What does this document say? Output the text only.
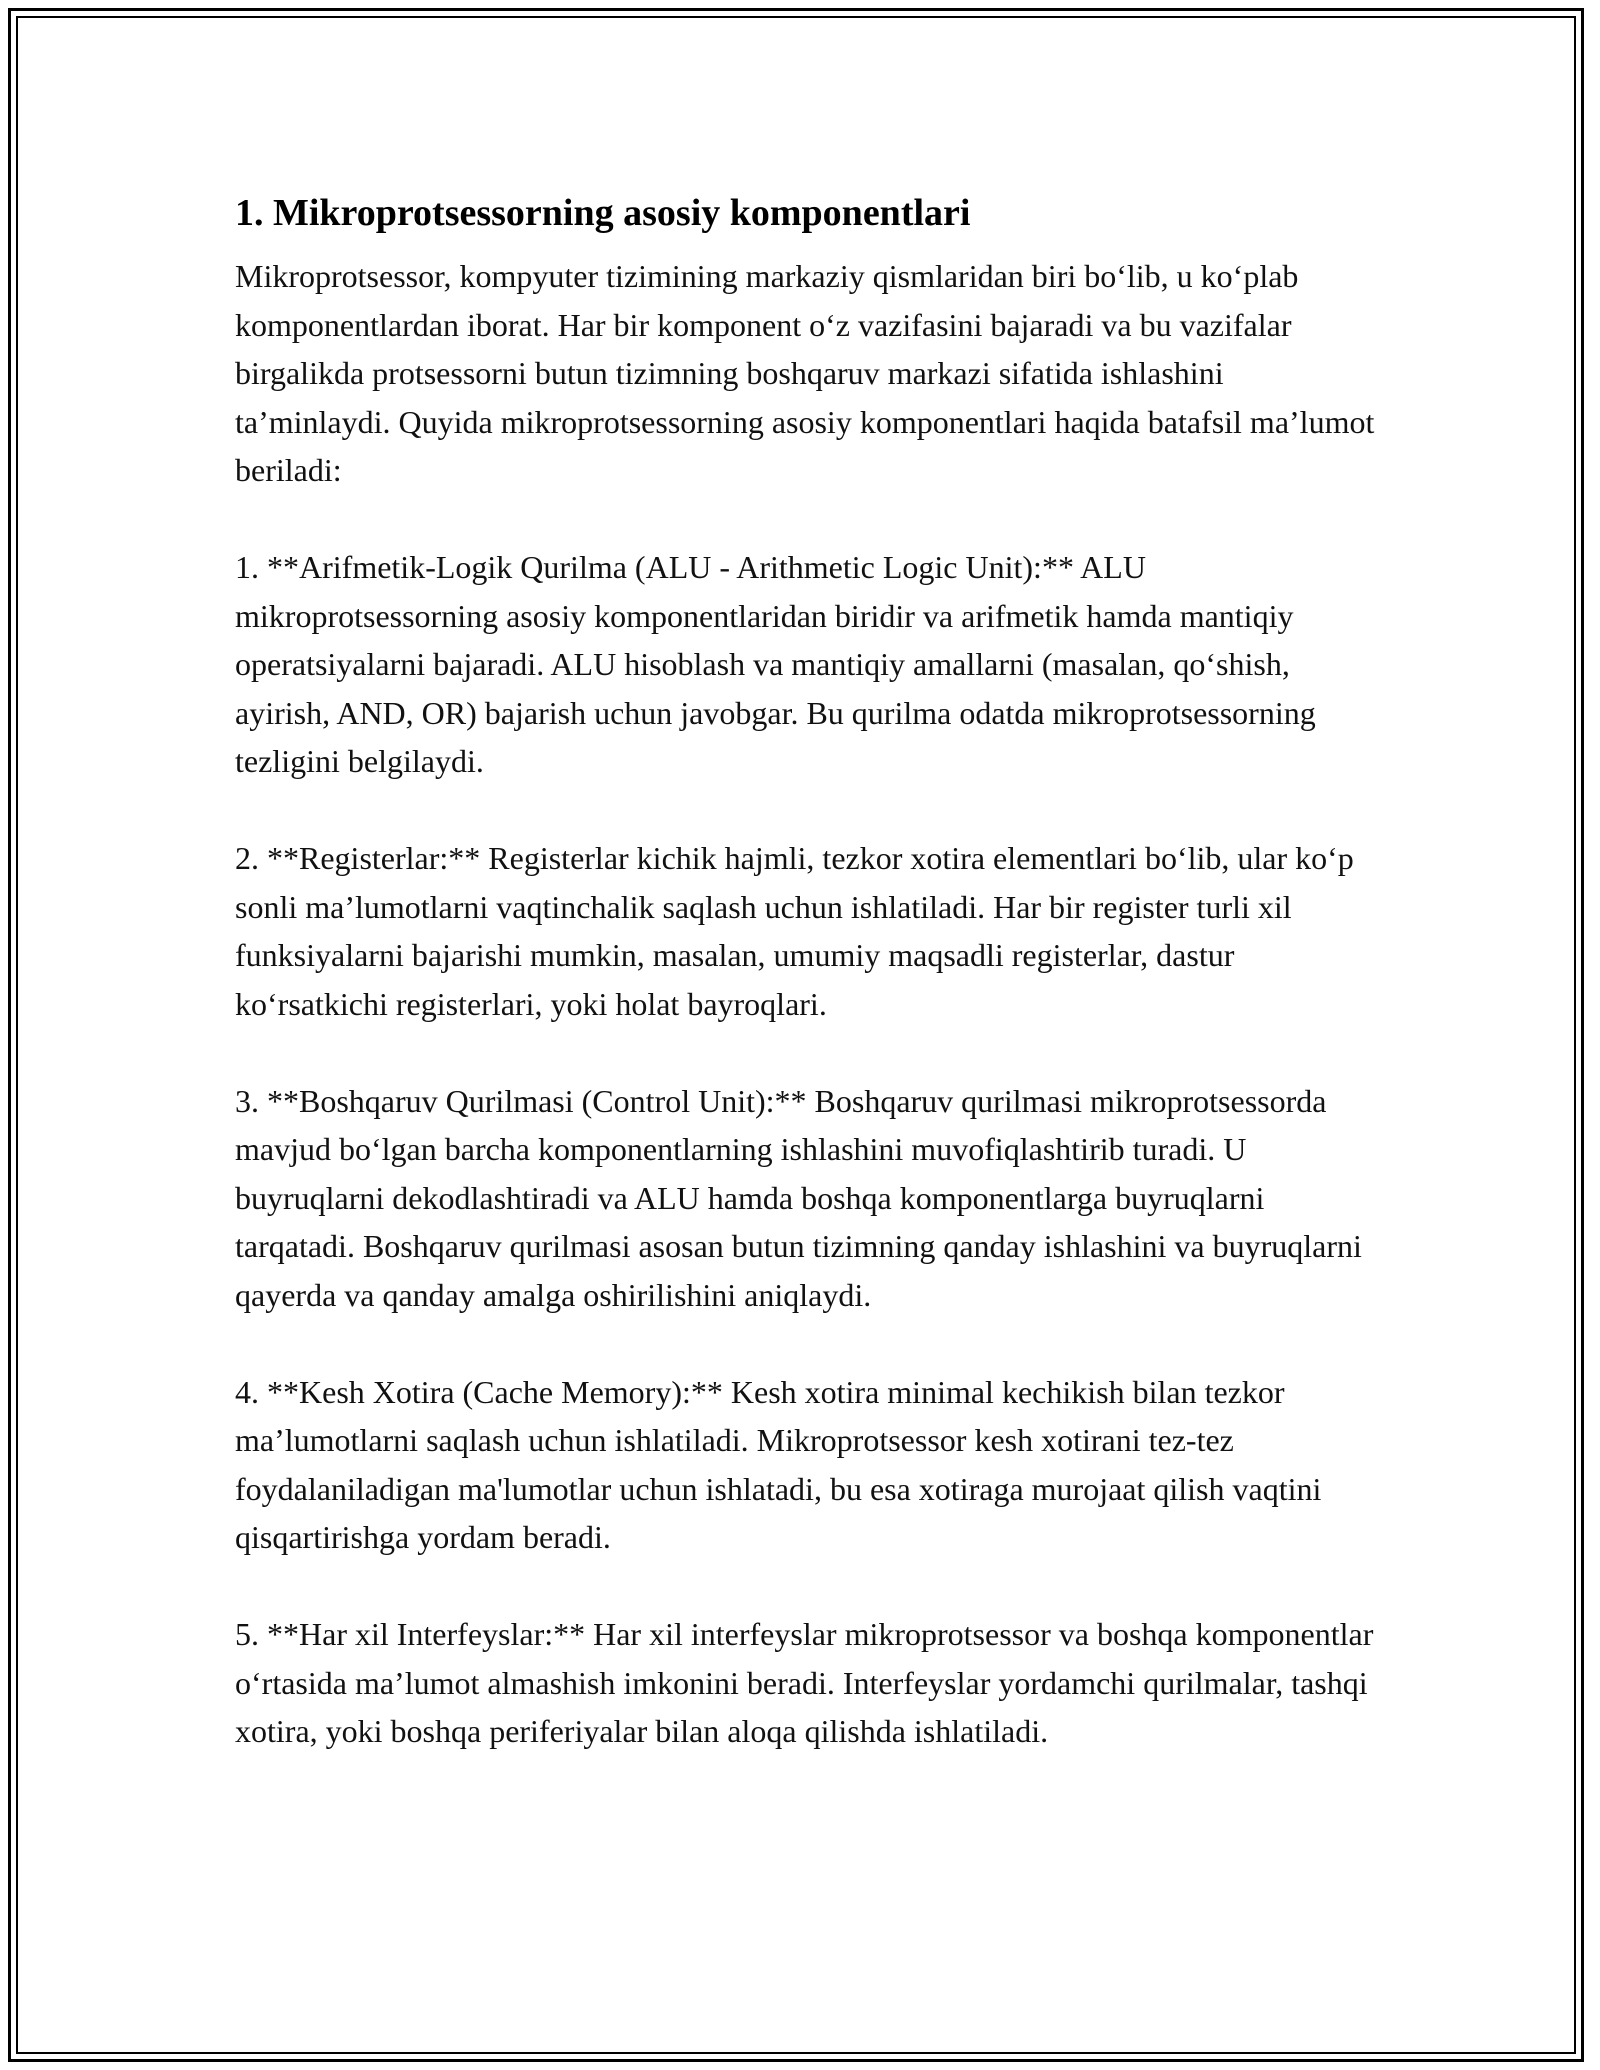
1. Mikroprotsessorning asosiy komponentlari

Mikroprotsessor, kompyuter tizimining markaziy qismlaridan biri bo‘lib, u ko‘plab komponentlardan iborat. Har bir komponent o‘z vazifasini bajaradi va bu vazifalar birgalikda protsessorni butun tizimning boshqaruv markazi sifatida ishlashini ta’minlaydi. Quyida mikroprotsessorning asosiy komponentlari haqida batafsil ma’lumot beriladi:

1. **Arifmetik-Logik Qurilma (ALU - Arithmetic Logic Unit):** ALU mikroprotsessorning asosiy komponentlaridan biridir va arifmetik hamda mantiqiy operatsiyalarni bajaradi. ALU hisoblash va mantiqiy amallarni (masalan, qo‘shish, ayirish, AND, OR) bajarish uchun javobgar. Bu qurilma odatda mikroprotsessorning tezligini belgilaydi.

2. **Registerlar:** Registerlar kichik hajmli, tezkor xotira elementlari bo‘lib, ular ko‘p sonli ma’lumotlarni vaqtinchalik saqlash uchun ishlatiladi. Har bir register turli xil funksiyalarni bajarishi mumkin, masalan, umumiy maqsadli registerlar, dastur ko‘rsatkichi registerlari, yoki holat bayroqlari.

3. **Boshqaruv Qurilmasi (Control Unit):** Boshqaruv qurilmasi mikroprotsessorda mavjud bo‘lgan barcha komponentlarning ishlashini muvofiqlashtirib turadi. U buyruqlarni dekodlashtiradi va ALU hamda boshqa komponentlarga buyruqlarni tarqatadi. Boshqaruv qurilmasi asosan butun tizimning qanday ishlashini va buyruqlarni qayerda va qanday amalga oshirilishini aniqlaydi.

4. **Kesh Xotira (Cache Memory):** Kesh xotira minimal kechikish bilan tezkor ma’lumotlarni saqlash uchun ishlatiladi. Mikroprotsessor kesh xotirani tez-tez foydalaniladigan ma'lumotlar uchun ishlatadi, bu esa xotiraga murojaat qilish vaqtini qisqartirishga yordam beradi.

5. **Har xil Interfeyslar:** Har xil interfeyslar mikroprotsessor va boshqa komponentlar o‘rtasida ma’lumot almashish imkonini beradi. Interfeyslar yordamchi qurilmalar, tashqi xotira, yoki boshqa periferiyalar bilan aloqa qilishda ishlatiladi.
